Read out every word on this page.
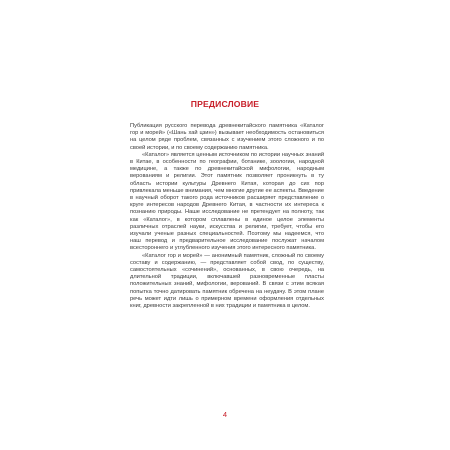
ПРЕДИСЛОВИЕ

Публикация русского перевода древнекитайского памятника «Каталог гор и морей» («Шань хай цзин») вызывает необходимость остановиться на целом ряде проблем, связанных с изучением этого сложного и по своей истории, и по своему содержанию памятника.

«Каталог» является ценным источником по истории научных знаний в Китае, в особенности по географии, ботанике, зоологии, народной медицине, а также по древнекитайской мифологии, народным верованиям и религии. Этот памятник позволяет проникнуть в ту область истории культуры Древнего Китая, которая до сих пор привлекала меньше внимания, чем многие другие ее аспекты. Введение в научный оборот такого рода источников расширяет представление о круге интересов народов Древнего Китая, в частности их интереса к познанию природы. Наше исследование не претендует на полноту, так как «Каталог», в котором сплавлены в единое целое элементы различных отраслей науки, искусства и религии, требует, чтобы его изучали ученые разных специальностей. Поэтому мы надеемся, что наш перевод и предварительное исследование послужат началом всестороннего и углубленного изучения этого интересного памятника.

«Каталог гор и морей» — анонимный памятник, сложный по своему составу и содержанию, — представляет собой свод, по существу, самостоятельных «сочинений», основанных, в свою очередь, на длительной традиции, включавшей разновременные пласты положительных знаний, мифологии, верований. В связи с этим всякая попытка точно датировать памятник обречена на неудачу. В этом плане речь может идти лишь о примерном времени оформления отдельных книг, древности закрепленной в них традиции и памятника в целом.

4
